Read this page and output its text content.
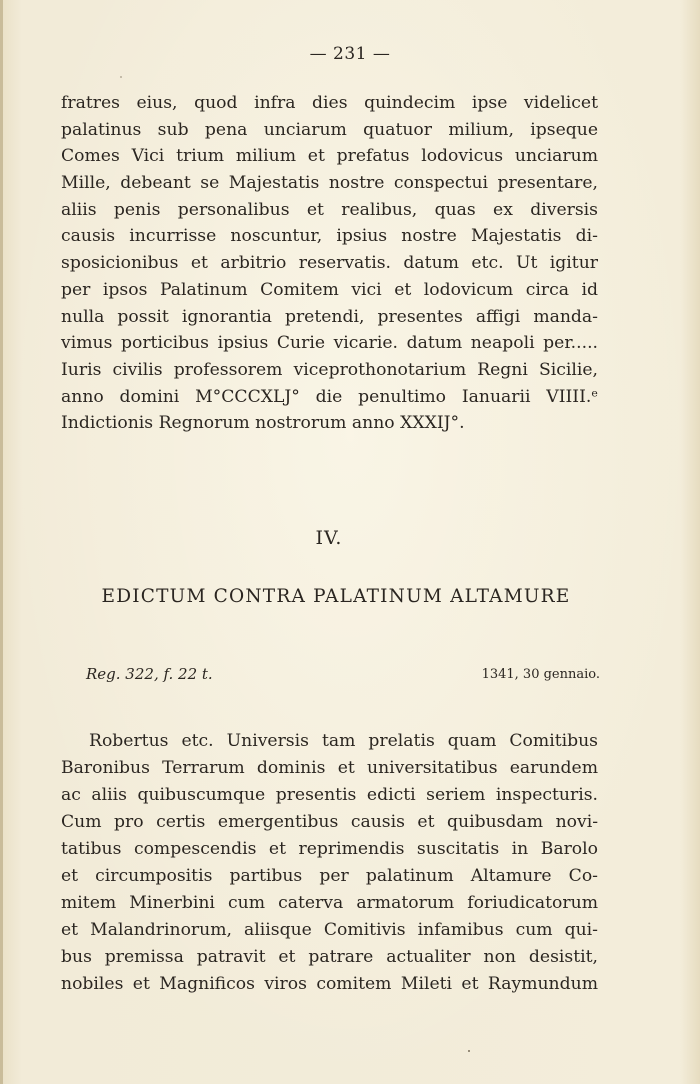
— 231 —
fratres eius, quod infra dies quindecim ipse videlicet
palatinus sub pena unciarum quatuor milium, ipseque
Comes Vici trium milium et prefatus lodovicus unciarum
Mille, debeant se Majestatis nostre conspectui presentare,
aliis penis personalibus et realibus, quas ex diversis
causis incurrisse noscuntur, ipsius nostre Majestatis di-
sposicionibus et arbitrio reservatis. datum etc. Ut igitur
per ipsos Palatinum Comitem vici et lodovicum circa id
nulla possit ignorantia pretendi, presentes affigi manda-
vimus porticibus ipsius Curie vicarie. datum neapoli per.....
Iuris civilis professorem viceprothonotarium Regni Sicilie,
anno domini M°CCCXLJ° die penultimo Ianuarii VIIII.ᵉ
Indictionis Regnorum nostrorum anno XXXIJ°.
IV.
EDICTUM CONTRA PALATINUM ALTAMURE
Reg. 322, f. 22 t.	1341, 30 gennaio.
Robertus etc. Universis tam prelatis quam Comitibus
Baronibus Terrarum dominis et universitatibus earundem
ac aliis quibuscumque presentis edicti seriem inspecturis.
Cum pro certis emergentibus causis et quibusdam novi-
tatibus compescendis et reprimendis suscitatis in Barolo
et circumpositis partibus per palatinum Altamure Co-
mitem Minerbini cum caterva armatorum foriudicatorum
et Malandrinorum, aliisque Comitivis infamibus cum qui-
bus premissa patravit et patrare actualiter non desistit,
nobiles et Magnificos viros comitem Mileti et Raymundum
